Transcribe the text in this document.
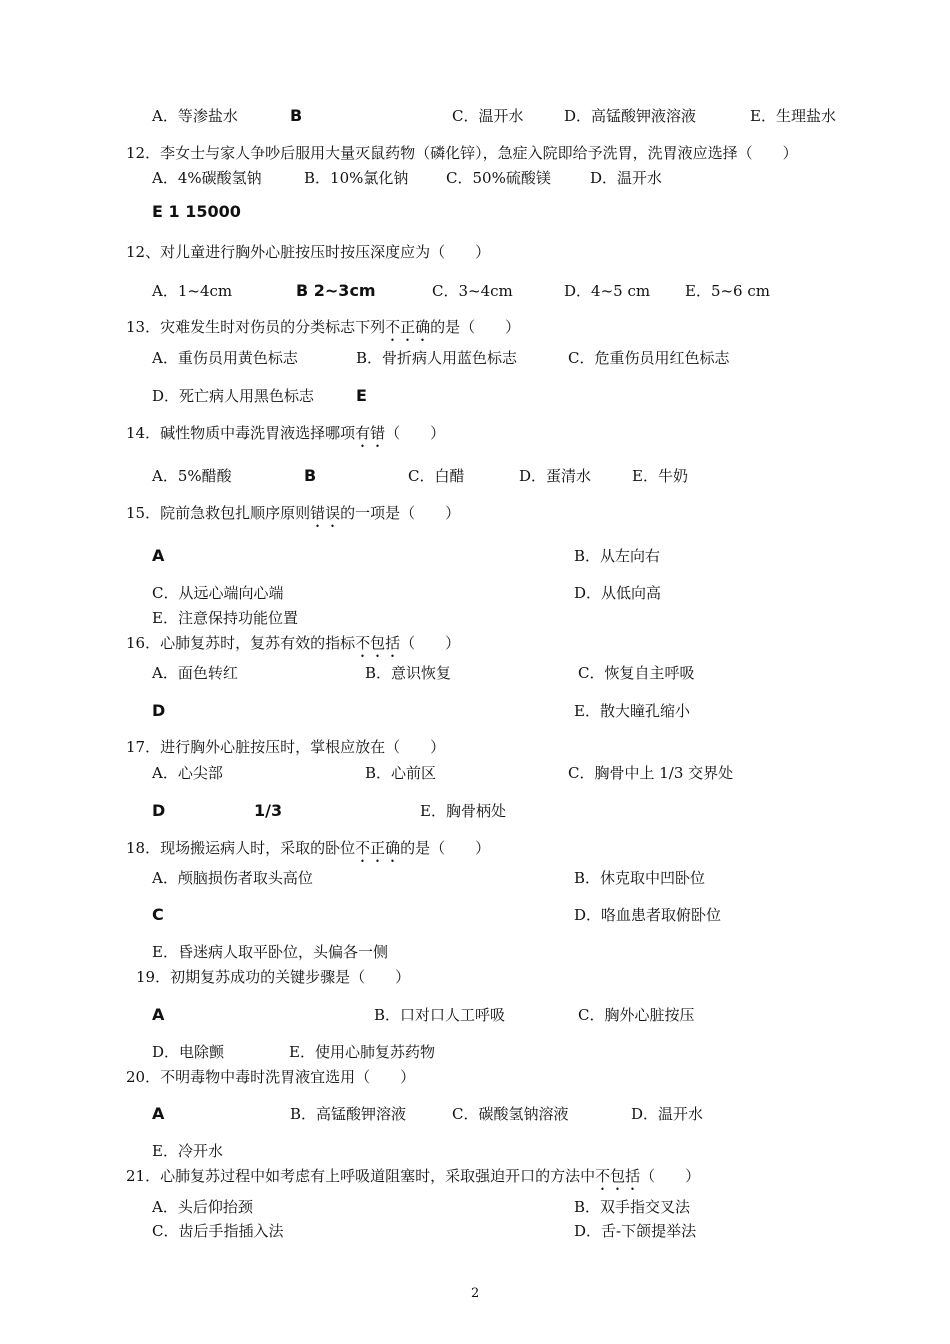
A．等渗盐水	B	C．温开水	D．高锰酸钾液溶液	E．生理盐水
12．李女士与家人争吵后服用大量灭鼠药物（磷化锌），急症入院即给予洗胃，洗胃液应选择（　　）
A．4%碳酸氢钠	B．10%氯化钠	C．50%硫酸镁	D．温开水
E 1 15000
12、对儿童进行胸外心脏按压时按压深度应为（　　）
A．1~4cm	B 2~3cm	C．3~4cm	D．4~5 cm E．5~6 cm
13．灾难发生时对伤员的分类标志下列不正确的是（　　）
A．重伤员用黄色标志	B．骨折病人用蓝色标志	C．危重伤员用红色标志
D．死亡病人用黑色标志	E
14．碱性物质中毒洗胃液选择哪项有错（　　）
A．5%醋酸	B	C．白醋	D．蛋清水	E．牛奶
15．院前急救包扎顺序原则错误的一项是（　　）
A	B．从左向右
C．从远心端向心端	D．从低向高
E．注意保持功能位置
16．心肺复苏时，复苏有效的指标不包括（　　）
A．面色转红	B．意识恢复	C．恢复自主呼吸
D	E．散大瞳孔缩小
17．进行胸外心脏按压时，掌根应放在（　　）
A．心尖部	B．心前区	C．胸骨中上 1/3 交界处
D	1/3	E．胸骨柄处
18．现场搬运病人时，采取的卧位不正确的是（　　）
A．颅脑损伤者取头高位	B．休克取中凹卧位
C	D．咯血患者取俯卧位
E．昏迷病人取平卧位，头偏各一侧
19．初期复苏成功的关键步骤是（　　）
A	B．口对口人工呼吸	C．胸外心脏按压
D．电除颤	E．使用心肺复苏药物
20．不明毒物中毒时洗胃液宜选用（　　）
A	B．高锰酸钾溶液	C．碳酸氢钠溶液	D．温开水
E．冷开水
21．心肺复苏过程中如考虑有上呼吸道阻塞时，采取强迫开口的方法中不包括（　　）
A．头后仰抬颈	B．双手指交叉法
C．齿后手指插入法	D．舌-下颌提举法
2
